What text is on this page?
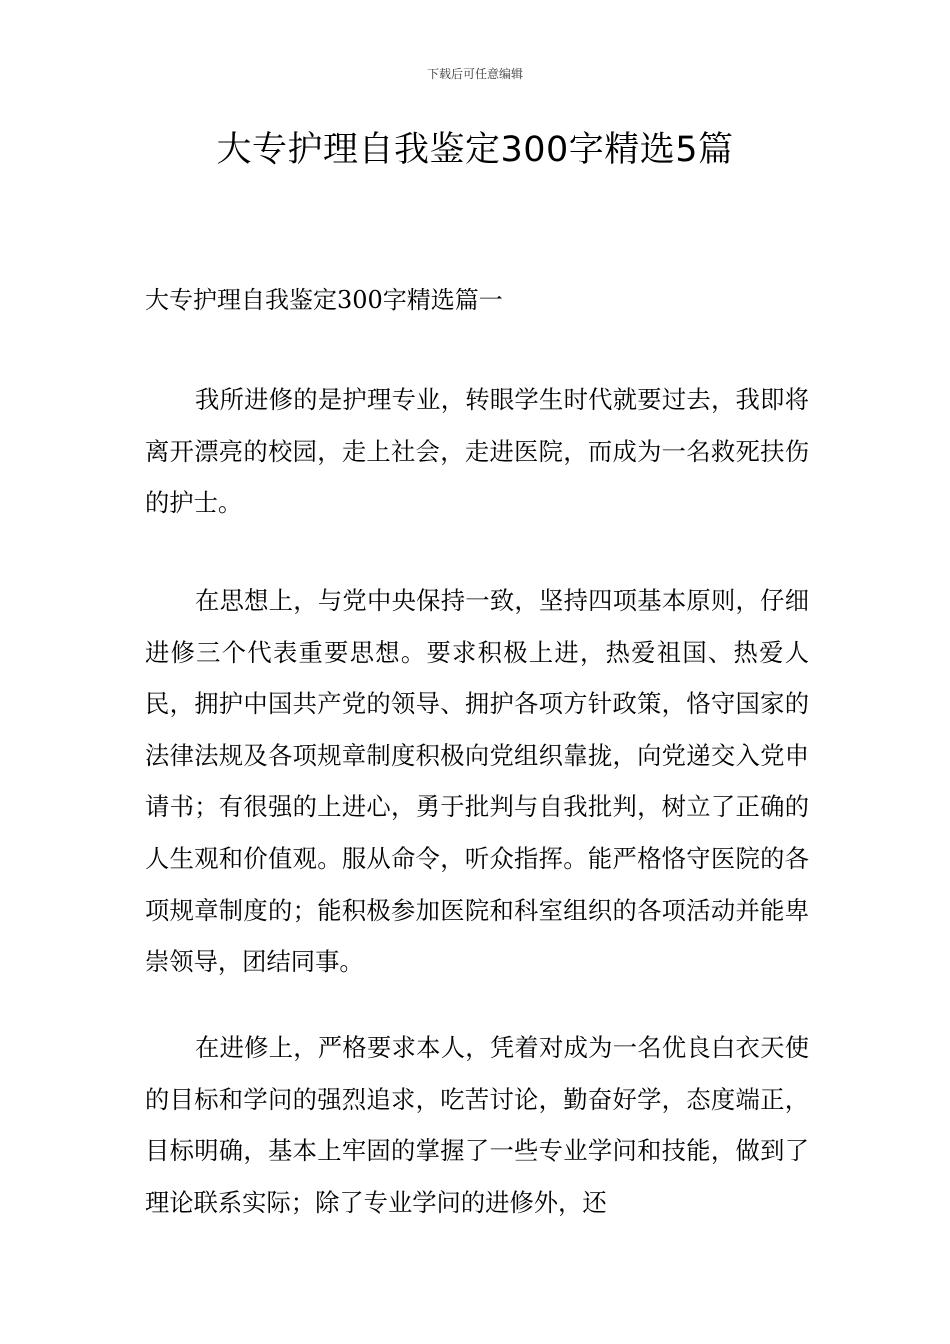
下载后可任意编辑
大专护理自我鉴定300字精选5篇
大专护理自我鉴定300字精选篇一

我所进修的是护理专业，转眼学生时代就要过去，我即将离开漂亮的校园，走上社会，走进医院，而成为一名救死扶伤的护士。

在思想上，与党中央保持一致，坚持四项基本原则，仔细进修三个代表重要思想。要求积极上进，热爱祖国、热爱人民，拥护中国共产党的领导、拥护各项方针政策，恪守国家的法律法规及各项规章制度积极向党组织靠拢，向党递交入党申请书；有很强的上进心，勇于批判与自我批判，树立了正确的人生观和价值观。服从命令，听众指挥。能严格恪守医院的各项规章制度的；能积极参加医院和科室组织的各项活动并能卑崇领导，团结同事。

在进修上，严格要求本人，凭着对成为一名优良白衣天使的目标和学问的强烈追求，吃苦讨论，勤奋好学，态度端正，目标明确，基本上牢固的掌握了一些专业学问和技能，做到了理论联系实际；除了专业学问的进修外，还
